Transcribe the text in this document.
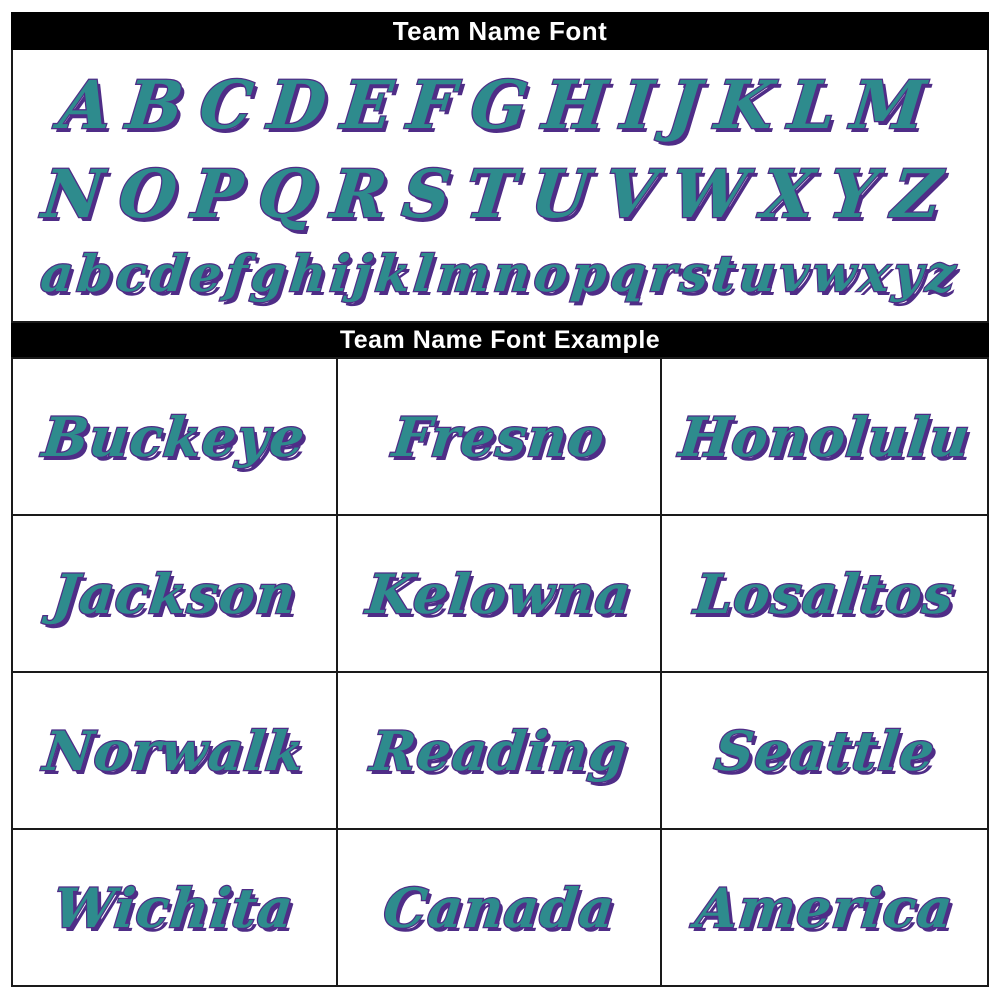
Team Name Font
ABCDEFGHIJKLM
NOPQRSTUVWXYZ
abcdefghijklmnopqrstuvwxyz
Team Name Font Example
Buckeye Fresno Honolulu
Jackson Kelowna Losaltos
Norwalk Reading Seattle
Wichita Canada America
